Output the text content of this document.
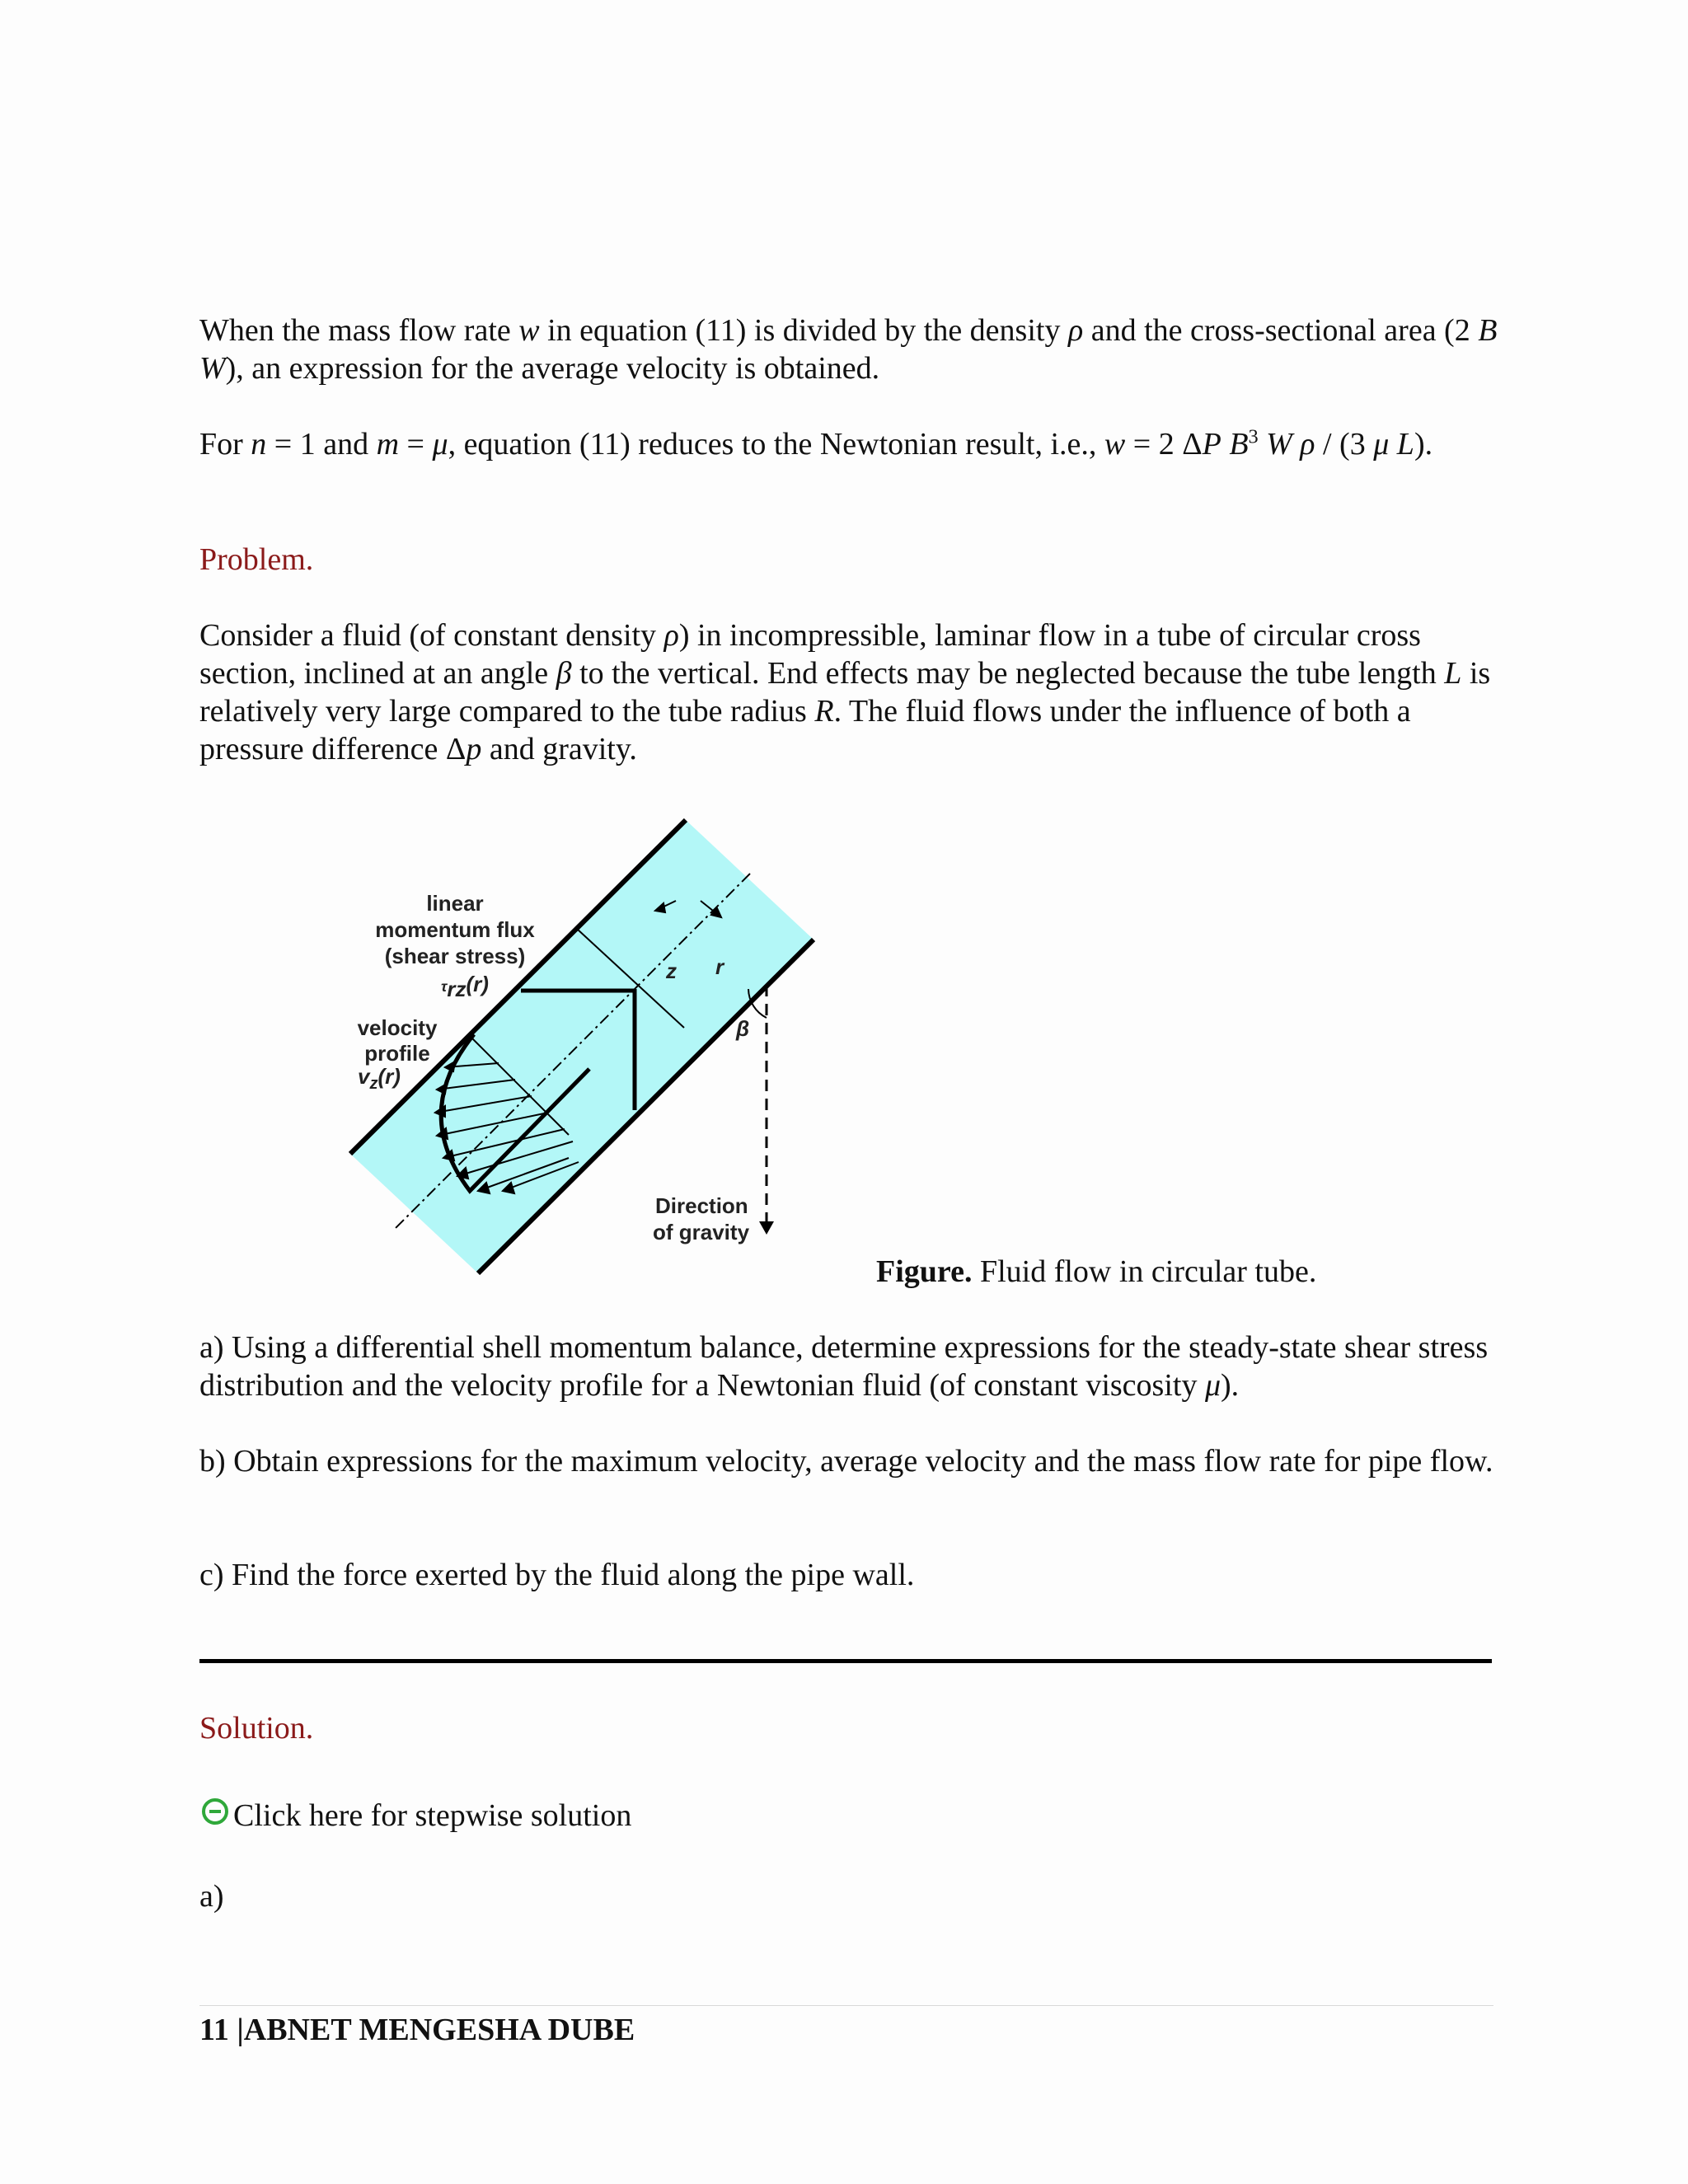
When the mass flow rate w in equation (11) is divided by the density ρ and the cross-sectional area (2 B W), an expression for the average velocity is obtained.

For n = 1 and m = μ, equation (11) reduces to the Newtonian result, i.e., w = 2 ΔP $B^3$ W ρ / (3 μ L).

Problem.

Consider a fluid (of constant density ρ) in incompressible, laminar flow in a tube of circular cross section, inclined at an angle β to the vertical. End effects may be neglected because the tube length L is relatively very large compared to the tube radius R. The fluid flows under the influence of both a pressure difference Δp and gravity.

z r
β
linear
momentum flux
(shear stress)
τrz(r)
velocity
profile
$v_z(r)$
Direction
of gravity
Figure. Fluid flow in circular tube.

a) Using a differential shell momentum balance, determine expressions for the steady-state shear stress distribution and the velocity profile for a Newtonian fluid (of constant viscosity μ).

b) Obtain expressions for the maximum velocity, average velocity and the mass flow rate for pipe flow.

c) Find the force exerted by the fluid along the pipe wall.

Solution.

Click here for stepwise solution

a)

11 |ABNET MENGESHA DUBE
